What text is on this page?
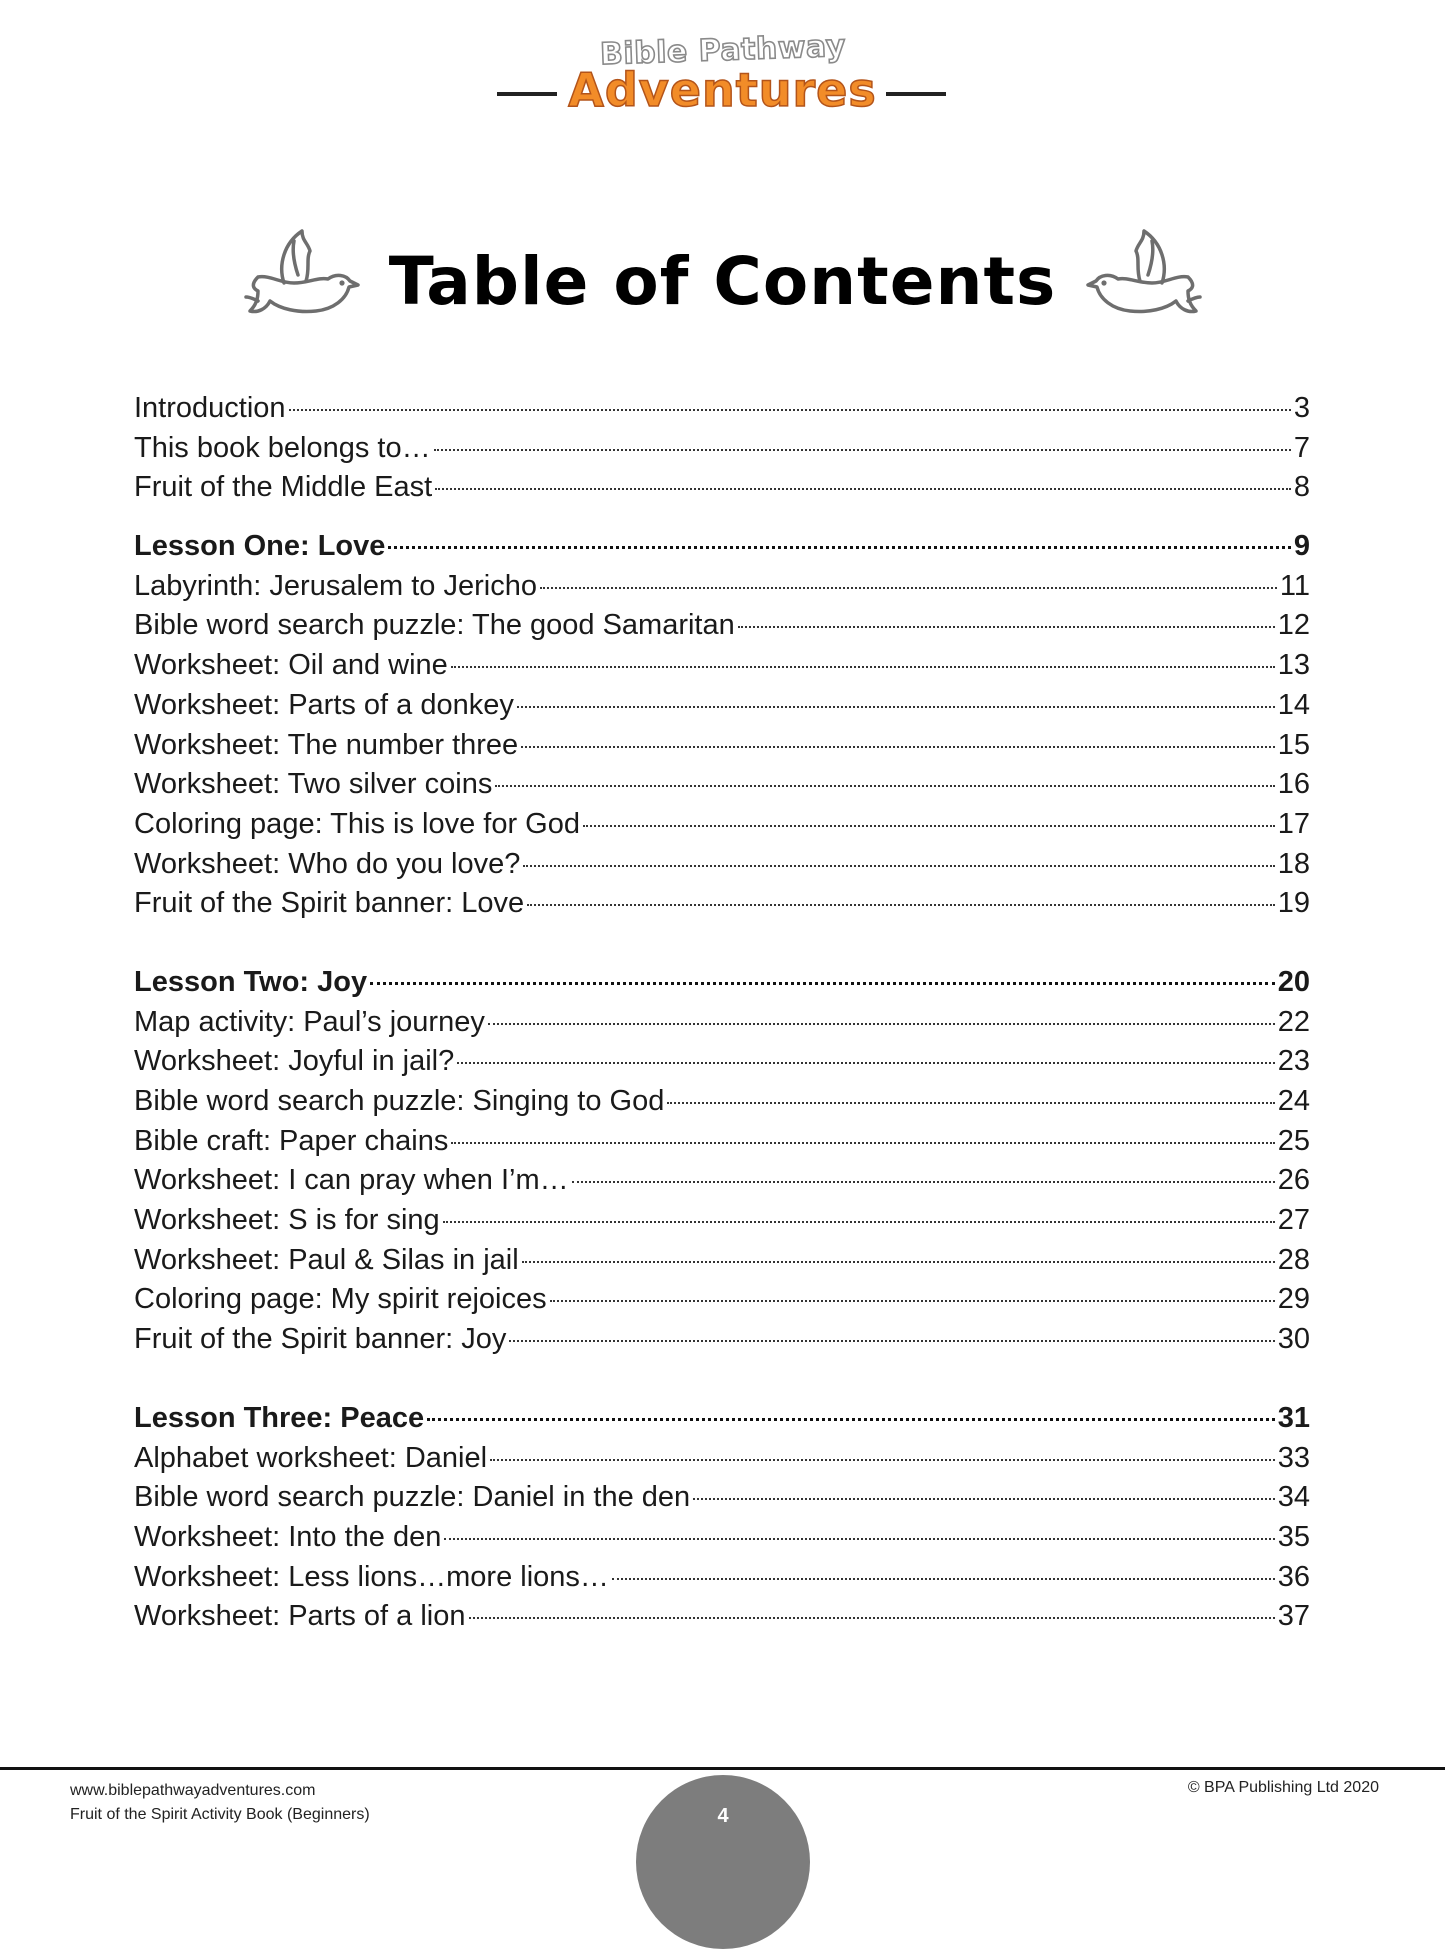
Bible Pathway
Adventures
Table of Contents
Introduction	3
This book belongs to…	7
Fruit of the Middle East	8
Lesson One: Love	9
Labyrinth: Jerusalem to Jericho	11
Bible word search puzzle: The good Samaritan	12
Worksheet: Oil and wine	13
Worksheet: Parts of a donkey	14
Worksheet: The number three	15
Worksheet: Two silver coins	16
Coloring page: This is love for God	17
Worksheet: Who do you love?	18
Fruit of the Spirit banner: Love	19
Lesson Two: Joy	20
Map activity: Paul’s journey	22
Worksheet: Joyful in jail?	23
Bible word search puzzle: Singing to God	24
Bible craft: Paper chains	25
Worksheet: I can pray when I’m…	26
Worksheet: S is for sing	27
Worksheet: Paul & Silas in jail	28
Coloring page: My spirit rejoices	29
Fruit of the Spirit banner: Joy	30
Lesson Three: Peace	31
Alphabet worksheet: Daniel	33
Bible word search puzzle: Daniel in the den	34
Worksheet: Into the den	35
Worksheet: Less lions…more lions…	36
Worksheet: Parts of a lion	37
www.biblepathwayadventures.com
Fruit of the Spirit Activity Book (Beginners)
© BPA Publishing Ltd 2020
4
